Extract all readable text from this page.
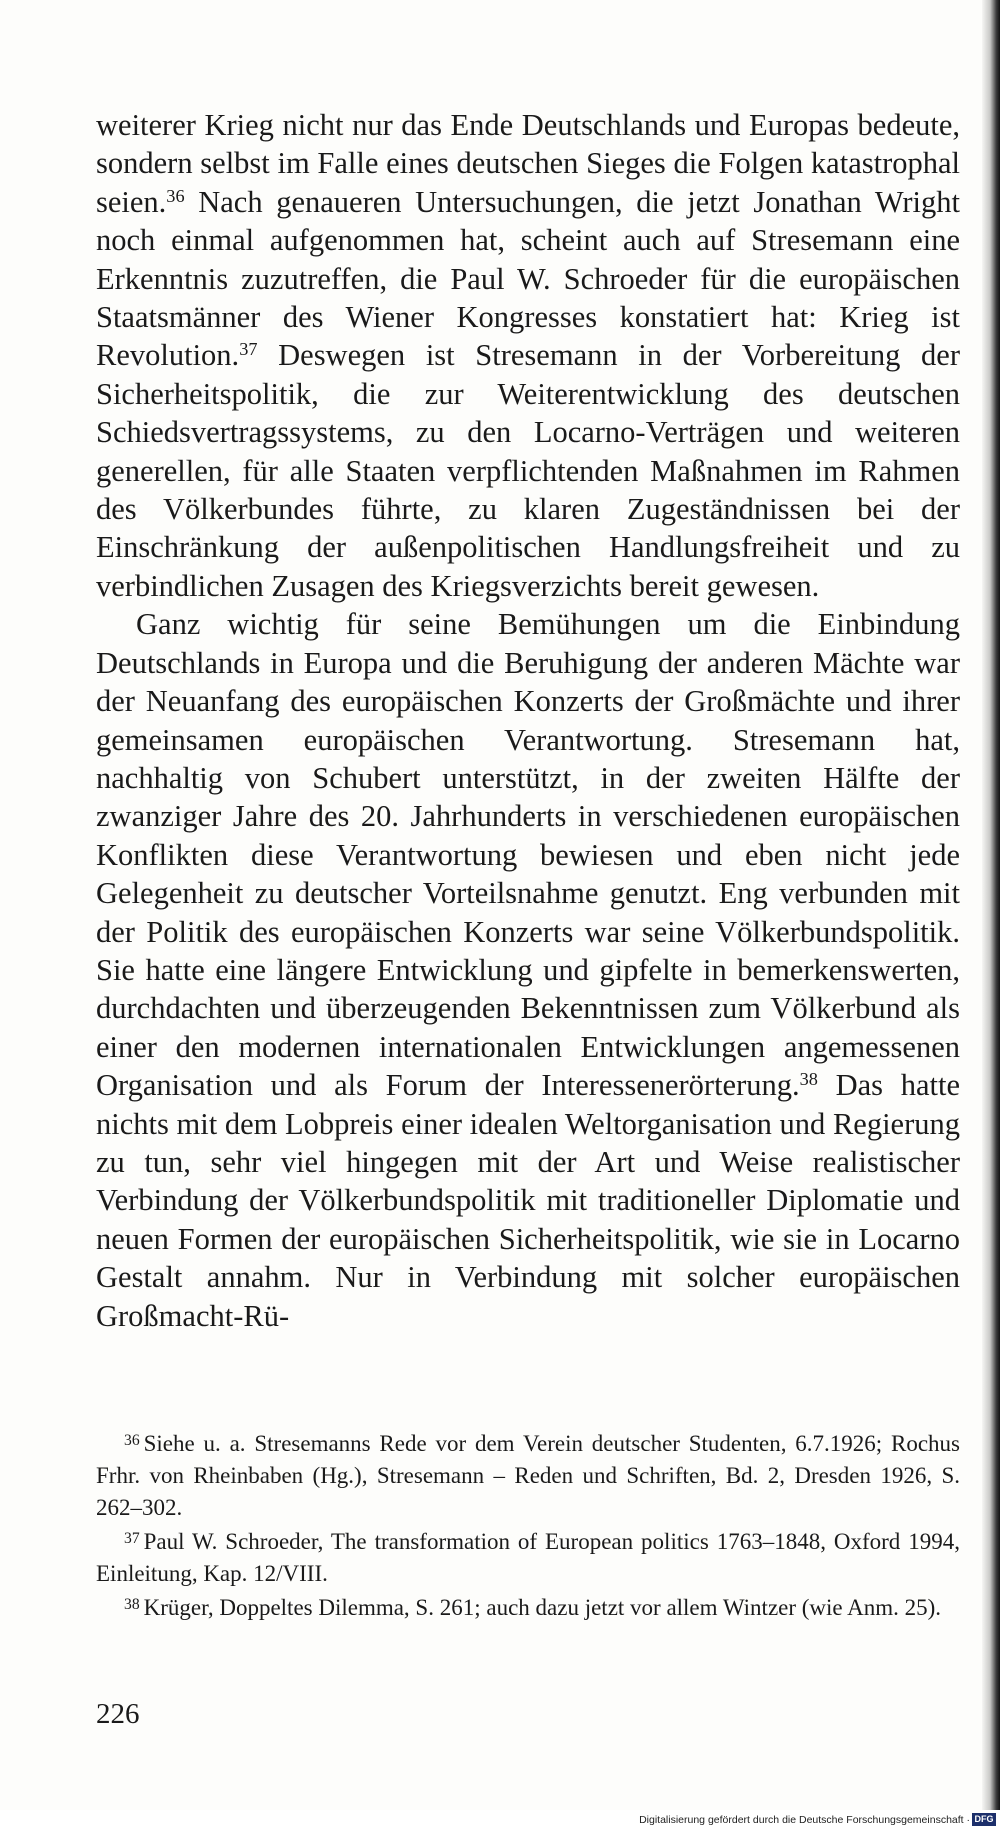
weiterer Krieg nicht nur das Ende Deutschlands und Europas bedeute, sondern selbst im Falle eines deutschen Sieges die Folgen katastrophal seien.$^{36}$ Nach genaueren Untersuchungen, die jetzt Jonathan Wright noch einmal aufgenommen hat, scheint auch auf Stresemann eine Erkenntnis zuzutreffen, die Paul W. Schroeder für die europäischen Staatsmänner des Wiener Kongresses konstatiert hat: Krieg ist Revolution.$^{37}$ Deswegen ist Stresemann in der Vorbereitung der Sicherheitspolitik, die zur Weiterentwicklung des deutschen Schiedsvertragssystems, zu den Locarno-Verträgen und weiteren generellen, für alle Staaten verpflichtenden Maßnahmen im Rahmen des Völkerbundes führte, zu klaren Zugeständnissen bei der Einschränkung der außenpolitischen Handlungsfreiheit und zu verbindlichen Zusagen des Kriegsverzichts bereit gewesen.

Ganz wichtig für seine Bemühungen um die Einbindung Deutschlands in Europa und die Beruhigung der anderen Mächte war der Neuanfang des europäischen Konzerts der Großmächte und ihrer gemeinsamen europäischen Verantwortung. Stresemann hat, nachhaltig von Schubert unterstützt, in der zweiten Hälfte der zwanziger Jahre des 20. Jahrhunderts in verschiedenen europäischen Konflikten diese Verantwortung bewiesen und eben nicht jede Gelegenheit zu deutscher Vorteilsnahme genutzt. Eng verbunden mit der Politik des europäischen Konzerts war seine Völkerbundspolitik. Sie hatte eine längere Entwicklung und gipfelte in bemerkenswerten, durchdachten und überzeugenden Bekenntnissen zum Völkerbund als einer den modernen internationalen Entwicklungen angemessenen Organisation und als Forum der Interessenerörterung.$^{38}$ Das hatte nichts mit dem Lobpreis einer idealen Weltorganisation und Regierung zu tun, sehr viel hingegen mit der Art und Weise realistischer Verbindung der Völkerbundspolitik mit traditioneller Diplomatie und neuen Formen der europäischen Sicherheitspolitik, wie sie in Locarno Gestalt annahm. Nur in Verbindung mit solcher europäischen Großmacht-Rü-

$^{36}$ Siehe u. a. Stresemanns Rede vor dem Verein deutscher Studenten, 6.7.1926; Rochus Frhr. von Rheinbaben (Hg.), Stresemann – Reden und Schriften, Bd. 2, Dresden 1926, S. 262–302.

$^{37}$ Paul W. Schroeder, The transformation of European politics 1763–1848, Oxford 1994, Einleitung, Kap. 12/VIII.

$^{38}$ Krüger, Doppeltes Dilemma, S. 261; auch dazu jetzt vor allem Wintzer (wie Anm. 25).

226
Digitalisierung gefördert durch die Deutsche Forschungsgemeinschaft · DFG
